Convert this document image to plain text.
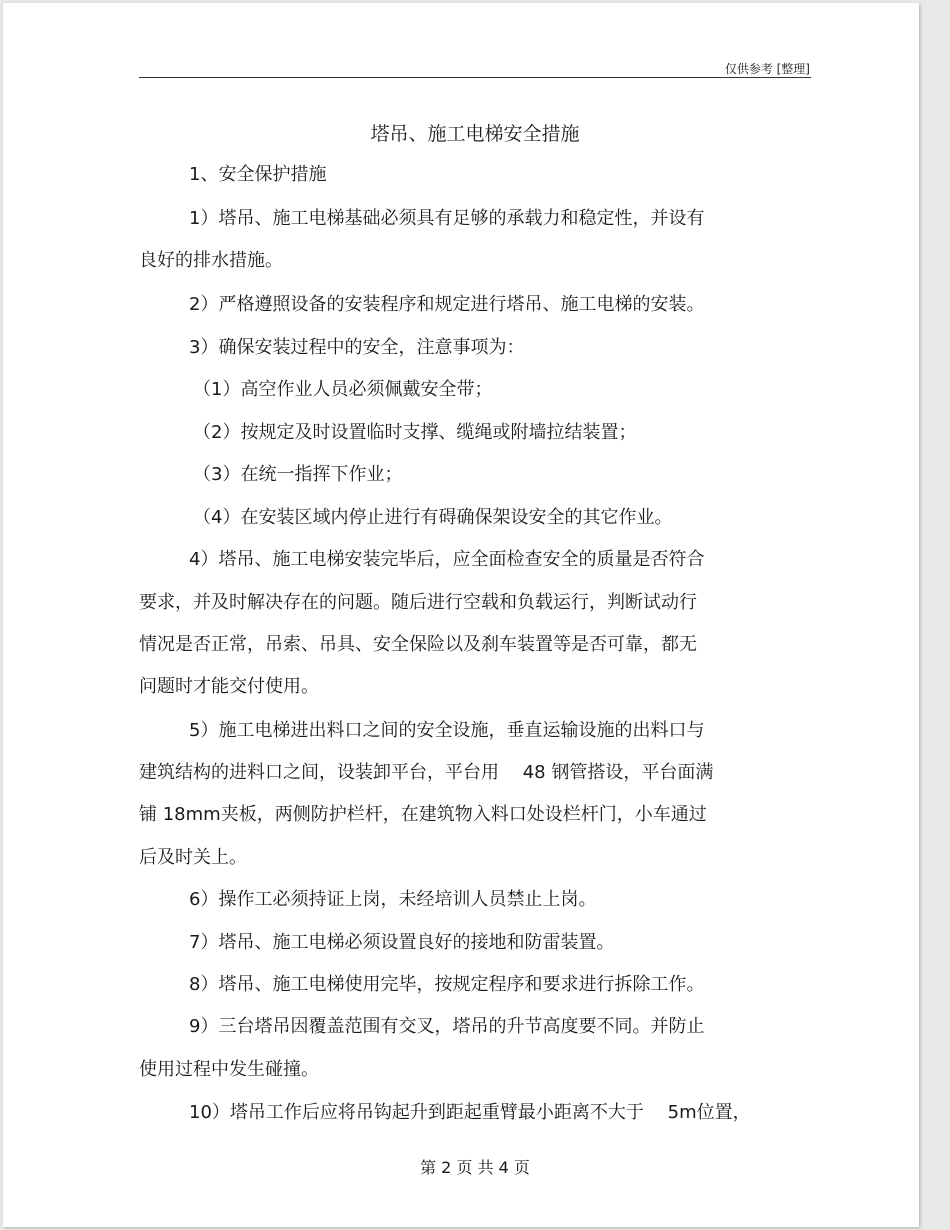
仅供参考 [整理]
塔吊、施工电梯安全措施
1、安全保护措施
1）塔吊、施工电梯基础必须具有足够的承载力和稳定性，并设有
良好的排水措施。
2）严格遵照设备的安装程序和规定进行塔吊、施工电梯的安装。
3）确保安装过程中的安全，注意事项为：
（1）高空作业人员必须佩戴安全带；
（2）按规定及时设置临时支撑、缆绳或附墙拉结装置；
（3）在统一指挥下作业；
（4）在安装区域内停止进行有碍确保架设安全的其它作业。
4）塔吊、施工电梯安装完毕后，应全面检查安全的质量是否符合
要求，并及时解决存在的问题。随后进行空载和负载运行，判断试动行
情况是否正常，吊索、吊具、安全保险以及刹车装置等是否可靠，都无
问题时才能交付使用。
5）施工电梯进出料口之间的安全设施，垂直运输设施的出料口与
建筑结构的进料口之间，设装卸平台，平台用　 48 钢管搭设，平台面满
铺 18mm夹板，两侧防护栏杆，在建筑物入料口处设栏杆门，小车通过
后及时关上。
6）操作工必须持证上岗，未经培训人员禁止上岗。
7）塔吊、施工电梯必须设置良好的接地和防雷装置。
8）塔吊、施工电梯使用完毕，按规定程序和要求进行拆除工作。
9）三台塔吊因覆盖范围有交叉，塔吊的升节高度要不同。并防止
使用过程中发生碰撞。
10）塔吊工作后应将吊钩起升到距起重臂最小距离不大于　 5m位置，
第 2 页 共 4 页
